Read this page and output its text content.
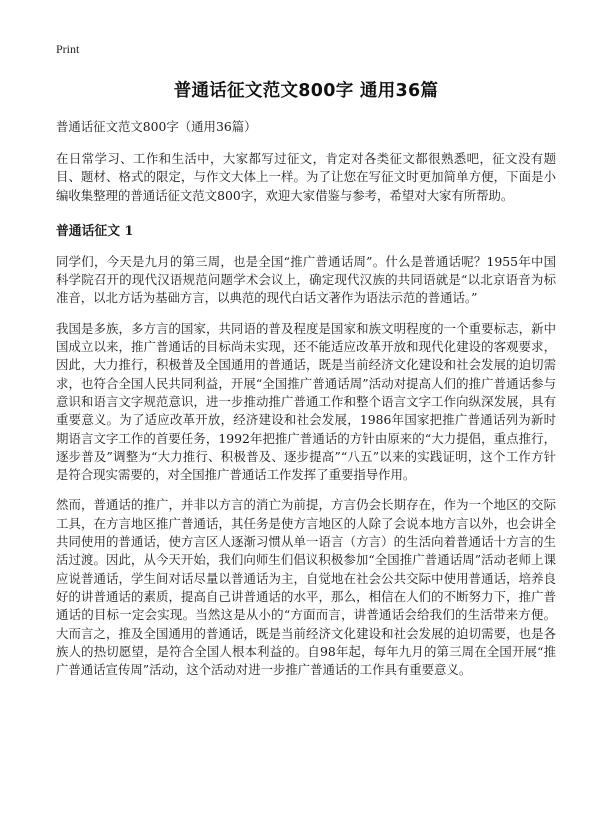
Print
普通话征文范文800字 通用36篇

普通话征文范文800字（通用36篇）

在日常学习、工作和生活中，大家都写过征文，肯定对各类征文都很熟悉吧，征文没有题目、题材、格式的限定，与作文大体上一样。为了让您在写征文时更加简单方便，下面是小编收集整理的普通话征文范文800字，欢迎大家借鉴与参考，希望对大家有所帮助。

普通话征文 1

同学们，今天是九月的第三周，也是全国“推广普通话周”。什么是普通话呢？1955年中国科学院召开的现代汉语规范问题学术会议上，确定现代汉族的共同语就是“以北京语音为标准音，以北方话为基础方言，以典范的现代白话文著作为语法示范的普通话。”

我国是多族，多方言的国家，共同语的普及程度是国家和族文明程度的一个重要标志，新中国成立以来，推广普通话的目标尚未实现，还不能适应改革开放和现代化建设的客观要求，因此，大力推行，积极普及全国通用的普通话，既是当前经济文化建设和社会发展的迫切需求，也符合全国人民共同利益，开展“全国推广普通话周”活动对提高人们的推广普通话参与意识和语言文字规范意识，进一步推动推广普通工作和整个语言文字工作向纵深发展，具有重要意义。为了适应改革开放，经济建设和社会发展，1986年国家把推广普通话列为新时期语言文字工作的首要任务，1992年把推广普通话的方针由原来的“大力提倡，重点推行，逐步普及”调整为“大力推行、积极普及、逐步提高”“八五”以来的实践证明，这个工作方针是符合现实需要的，对全国推广普通话工作发挥了重要指导作用。

然而，普通话的推广，并非以方言的消亡为前提，方言仍会长期存在，作为一个地区的交际工具，在方言地区推广普通话，其任务是使方言地区的人除了会说本地方言以外，也会讲全共同使用的普通话，使方言区人逐渐习惯从单一语言（方言）的生活向着普通话十方言的生活过渡。因此，从今天开始，我们向师生们倡议积极参加“全国推广普通话周”活动老师上课应说普通话，学生间对话尽量以普通话为主，自觉地在社会公共交际中使用普通话，培养良好的讲普通话的素质，提高自己讲普通话的水平，那么，相信在人们的不断努力下，推广普通话的目标一定会实现。当然这是从小的“方面而言，讲普通话会给我们的生活带来方便。大而言之，推及全国通用的普通话，既是当前经济文化建设和社会发展的迫切需要，也是各族人的热切愿望，是符合全国人根本利益的。自98年起，每年九月的第三周在全国开展“推广普通话宣传周”活动，这个活动对进一步推广普通话的工作具有重要意义。
